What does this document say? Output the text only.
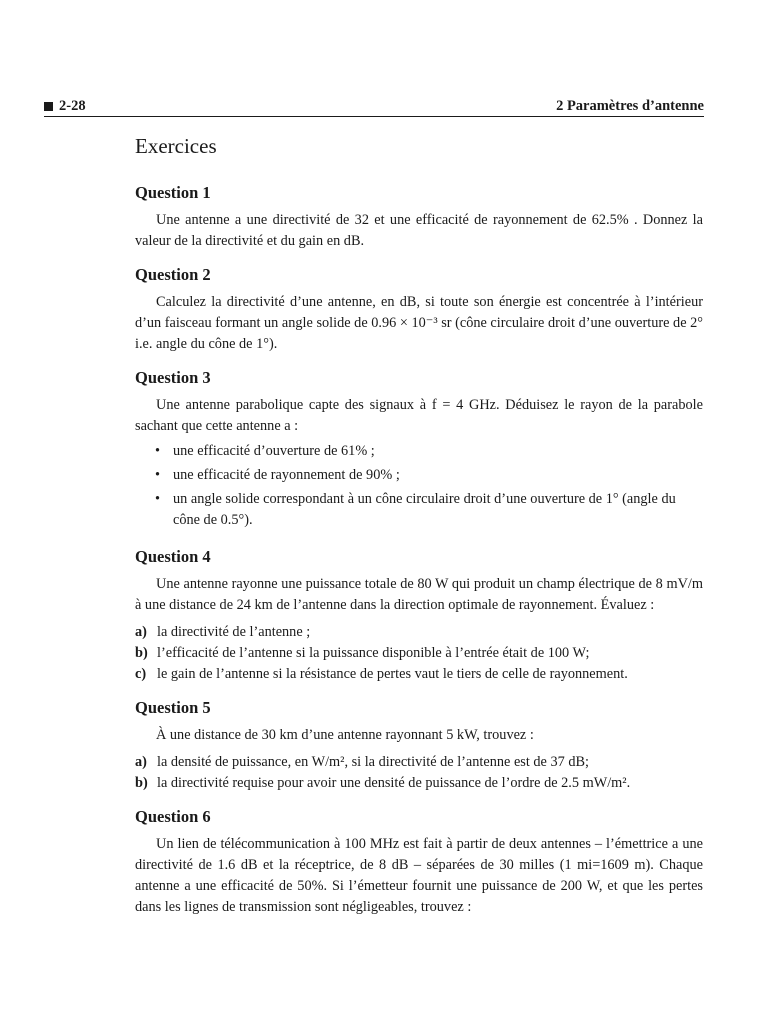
2-28	2 Paramètres d’antenne
Exercices
Question 1

Une antenne a une directivité de 32 et une efficacité de rayonnement de 62.5% . Donnez la valeur de la directivité et du gain en dB.

Question 2

Calculez la directivité d’une antenne, en dB, si toute son énergie est concentrée à l’intérieur d’un faisceau formant un angle solide de 0.96 × 10⁻³ sr (cône circulaire droit d’une ouverture de 2° i.e. angle du cône de 1°).

Question 3

Une antenne parabolique capte des signaux à f = 4 GHz. Déduisez le rayon de la parabole sachant que cette antenne a :

• une efficacité d’ouverture de 61% ;
• une efficacité de rayonnement de 90% ;
• un angle solide correspondant à un cône circulaire droit d’une ouverture de 1° (angle du cône de 0.5°).
Question 4

Une antenne rayonne une puissance totale de 80 W qui produit un champ électrique de 8 mV/m à une distance de 24 km de l’antenne dans la direction optimale de rayonnement. Évaluez :

a) la directivité de l’antenne ;
b) l’efficacité de l’antenne si la puissance disponible à l’entrée était de 100 W;
c) le gain de l’antenne si la résistance de pertes vaut le tiers de celle de rayonnement.
Question 5

À une distance de 30 km d’une antenne rayonnant 5 kW, trouvez :

a) la densité de puissance, en W/m², si la directivité de l’antenne est de 37 dB;
b) la directivité requise pour avoir une densité de puissance de l’ordre de 2.5 mW/m².
Question 6

Un lien de télécommunication à 100 MHz est fait à partir de deux antennes – l’émettrice a une directivité de 1.6 dB et la réceptrice, de 8 dB – séparées de 30 milles (1 mi=1609 m). Chaque antenne a une efficacité de 50%. Si l’émetteur fournit une puissance de 200 W, et que les pertes dans les lignes de transmission sont négligeables, trouvez :
